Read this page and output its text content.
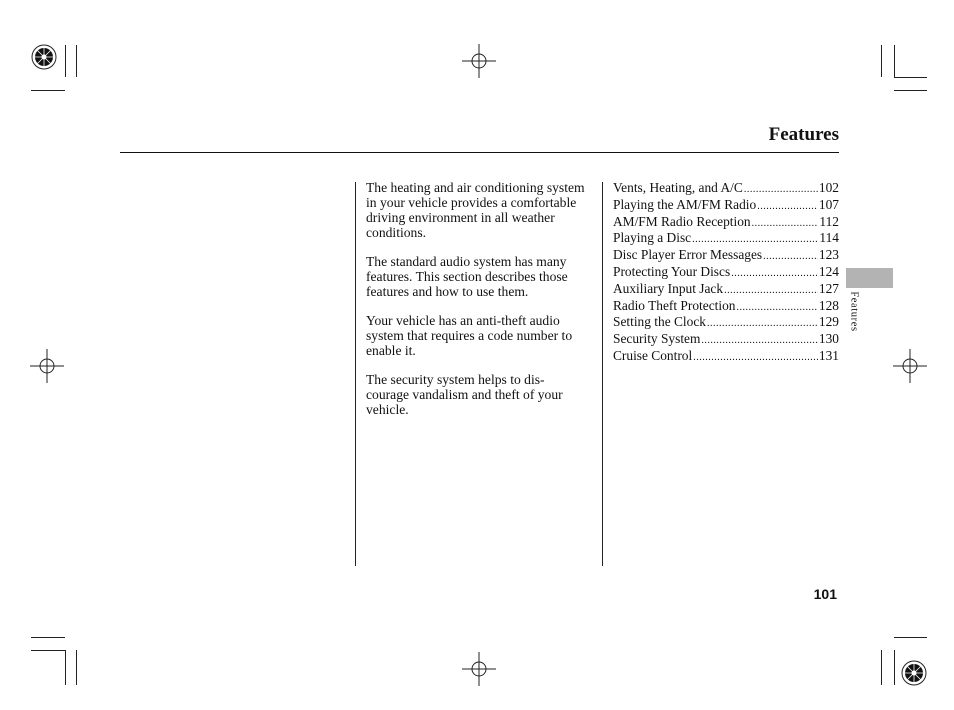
Features

The heating and air conditioning system in your vehicle provides a comfortable driving environment in all weather conditions.

The standard audio system has many features. This section describes those features and how to use them.

Your vehicle has an anti-theft audio system that requires a code number to enable it.

The security system helps to dis- courage vandalism and theft of your vehicle.

Vents, Heating, and A/C .....	102
Playing the AM/FM Radio .....	107
AM/FM Radio Reception .....	112
Playing a Disc .....	114
Disc Player Error Messages .....	123
Protecting Your Discs .....	124
Auxiliary Input Jack .....	127
Radio Theft Protection .....	128
Setting the Clock .....	129
Security System .....	130
Cruise Control .....	131
Features
101
